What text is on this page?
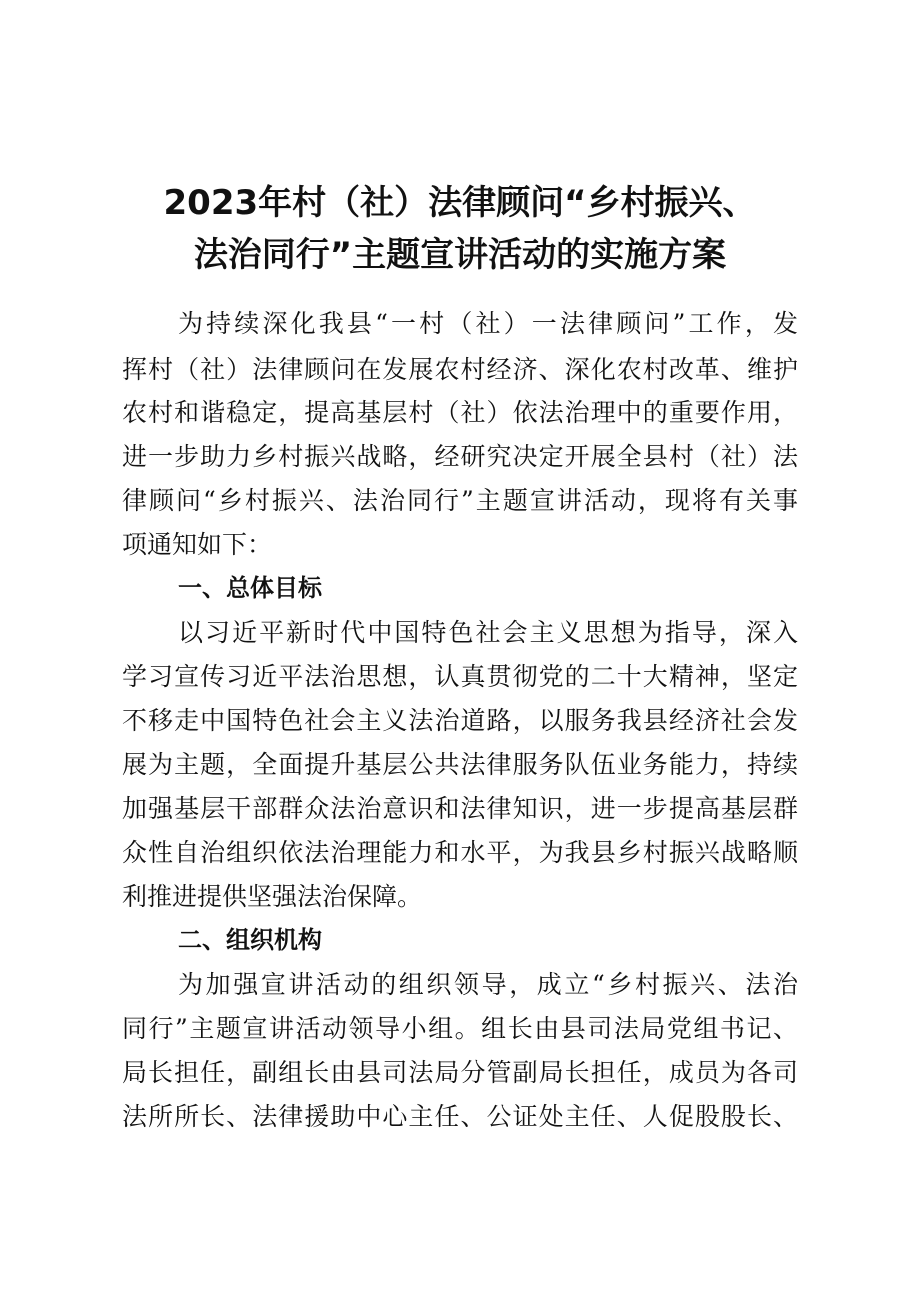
2023年村（社）法律顾问“乡村振兴、
法治同行”主题宣讲活动的实施方案
为持续深化我县“一村（社）一法律顾问”工作，发
挥村（社）法律顾问在发展农村经济、深化农村改革、维护
农村和谐稳定，提高基层村（社）依法治理中的重要作用，
进一步助力乡村振兴战略，经研究决定开展全县村（社）法
律顾问“乡村振兴、法治同行”主题宣讲活动，现将有关事
项通知如下：
一、总体目标
以习近平新时代中国特色社会主义思想为指导，深入
学习宣传习近平法治思想，认真贯彻党的二十大精神，坚定
不移走中国特色社会主义法治道路，以服务我县经济社会发
展为主题，全面提升基层公共法律服务队伍业务能力，持续
加强基层干部群众法治意识和法律知识，进一步提高基层群
众性自治组织依法治理能力和水平，为我县乡村振兴战略顺
利推进提供坚强法治保障。
二、组织机构
为加强宣讲活动的组织领导，成立“乡村振兴、法治
同行”主题宣讲活动领导小组。组长由县司法局党组书记、
局长担任，副组长由县司法局分管副局长担任，成员为各司
法所所长、法律援助中心主任、公证处主任、人促股股长、
